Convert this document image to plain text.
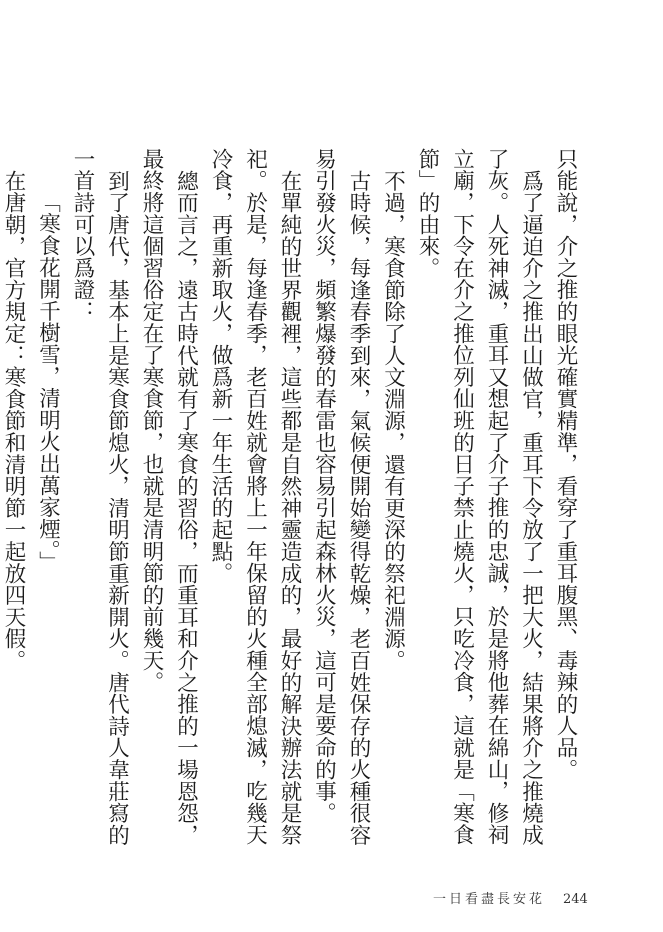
只能說，介之推的眼光確實精準，看穿了重耳腹黑、毒辣的人品。

爲了逼迫介之推出山做官，重耳下令放了一把大火，結果將介之推燒成了灰。人死神滅，重耳又想起了介子推的忠誠，於是將他葬在綿山，修祠立廟，下令在介之推位列仙班的日子禁止燒火，只吃冷食，這就是「寒食節」的由來。

不過，寒食節除了人文淵源，還有更深的祭祀淵源。

古時候，每逢春季到來，氣候便開始變得乾燥，老百姓保存的火種很容易引發火災，頻繁爆發的春雷也容易引起森林火災，這可是要命的事。

在單純的世界觀裡，這些都是自然神靈造成的，最好的解決辦法就是祭祀。於是，每逢春季，老百姓就會將上一年保留的火種全部熄滅，吃幾天冷食，再重新取火，做爲新一年生活的起點。

總而言之，遠古時代就有了寒食的習俗，而重耳和介之推的一場恩怨，最終將這個習俗定在了寒食節，也就是清明節的前幾天。

到了唐代，基本上是寒食節熄火，清明節重新開火。唐代詩人韋莊寫的一首詩可以爲證：

「寒食花開千樹雪，清明火出萬家煙。」

在唐朝，官方規定：寒食節和清明節一起放四天假。

一日看盡長安花 244
